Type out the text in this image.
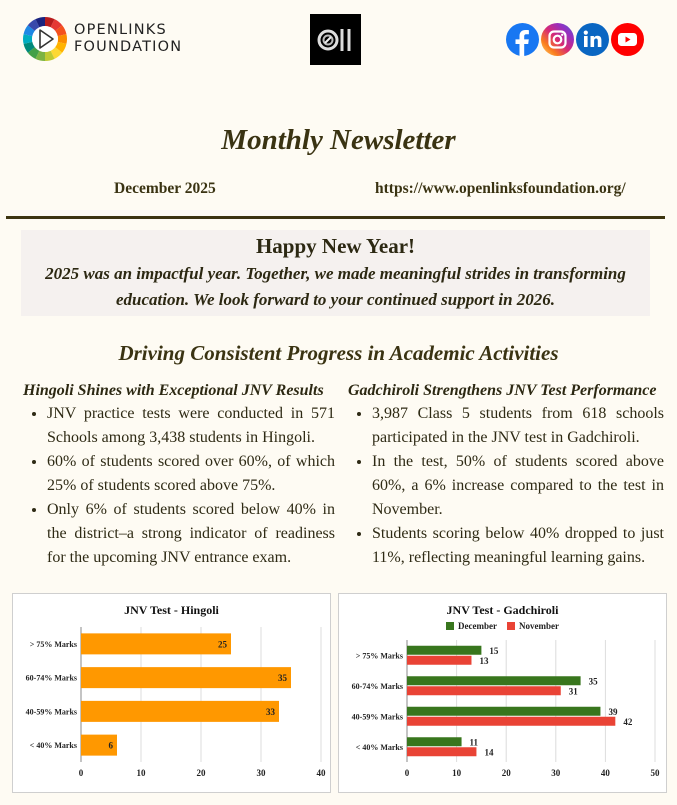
OPENLINKS
FOUNDATION
Monthly Newsletter
December 2025	https://www.openlinksfoundation.org/
Happy New Year!

2025 was an impactful year. Together, we made meaningful strides in transforming education. We look forward to your continued support in 2026.

Driving Consistent Progress in Academic Activities
Hingoli Shines with Exceptional JNV Results
• JNV practice tests were conducted in 571 Schools among 3,438 students in Hingoli.
• 60% of students scored over 60%, of which 25% of students scored above 75%.
• Only 6% of students scored below 40% in the district–a strong indicator of readiness for the upcoming JNV entrance exam.
Gadchiroli Strengthens JNV Test Performance
• 3,987 Class 5 students from 618 schools participated in the JNV test in Gadchiroli.
• In the test, 50% of students scored above 60%, a 6% increase compared to the test in November.
• Students scoring below 40% dropped to just 11%, reflecting meaningful learning gains.
JNV Test - Hingoli
0	10	20	30	40
> 75% Marks	25
60-74% Marks	35
40-59% Marks	33
< 40% Marks	6
JNV Test - Gadchiroli
December November
0	10	20	30	40	50
> 75% Marks	15
13
60-74% Marks	35
31
40-59% Marks	39
42
< 40% Marks	11
14
